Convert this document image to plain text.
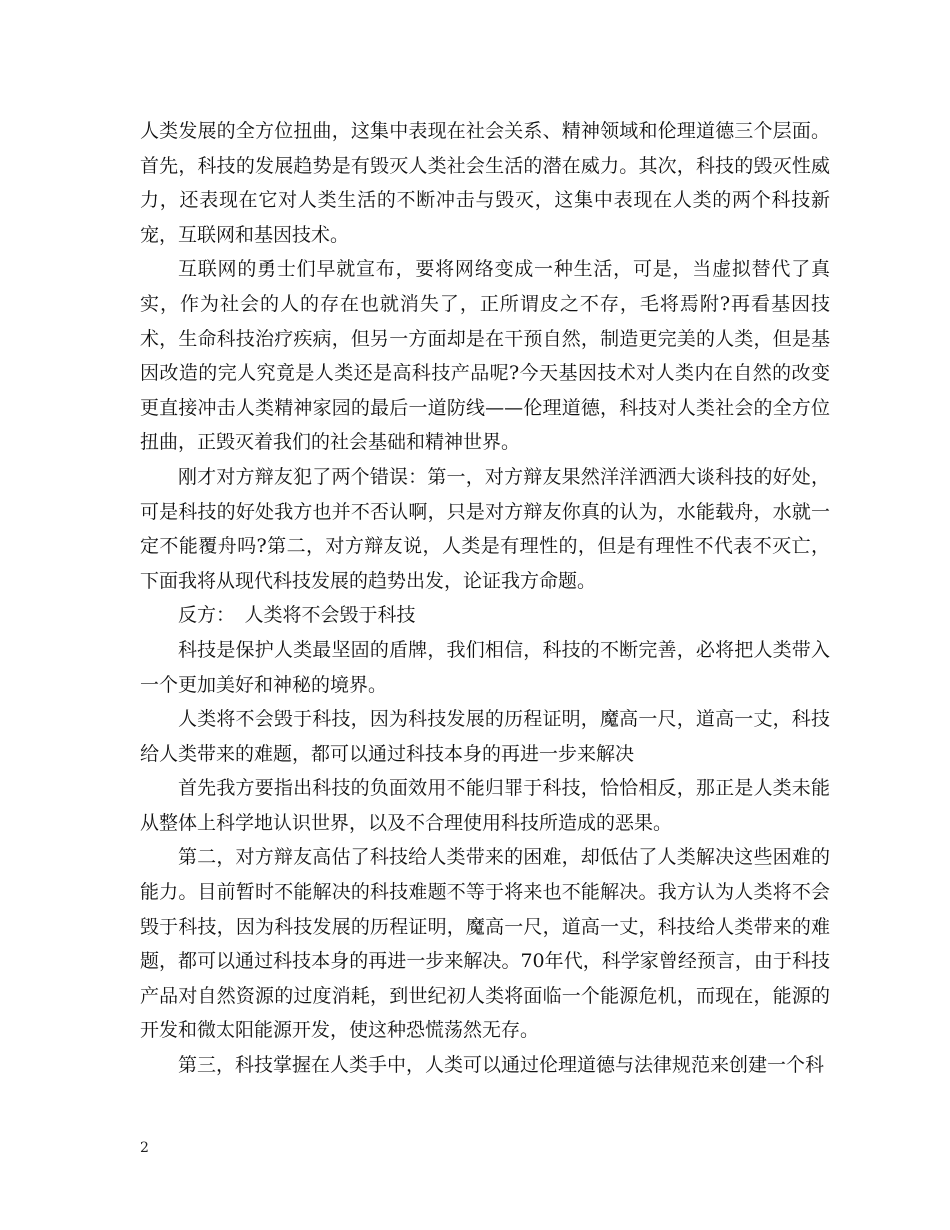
人类发展的全方位扭曲，这集中表现在社会关系、精神领域和伦理道德三个层面。首先，科技的发展趋势是有毁灭人类社会生活的潜在威力。其次，科技的毁灭性威力，还表现在它对人类生活的不断冲击与毁灭，这集中表现在人类的两个科技新宠，互联网和基因技术。

互联网的勇士们早就宣布，要将网络变成一种生活，可是，当虚拟替代了真实，作为社会的人的存在也就消失了，正所谓皮之不存，毛将焉附?再看基因技术，生命科技治疗疾病，但另一方面却是在干预自然，制造更完美的人类，但是基因改造的完人究竟是人类还是高科技产品呢?今天基因技术对人类内在自然的改变更直接冲击人类精神家园的最后一道防线——伦理道德，科技对人类社会的全方位扭曲，正毁灭着我们的社会基础和精神世界。

刚才对方辩友犯了两个错误：第一，对方辩友果然洋洋洒洒大谈科技的好处，可是科技的好处我方也并不否认啊，只是对方辩友你真的认为，水能载舟，水就一定不能覆舟吗?第二，对方辩友说，人类是有理性的，但是有理性不代表不灭亡，下面我将从现代科技发展的趋势出发，论证我方命题。

反方：　人类将不会毁于科技

科技是保护人类最坚固的盾牌，我们相信，科技的不断完善，必将把人类带入一个更加美好和神秘的境界。

人类将不会毁于科技，因为科技发展的历程证明，魔高一尺，道高一丈，科技给人类带来的难题，都可以通过科技本身的再进一步来解决

首先我方要指出科技的负面效用不能归罪于科技，恰恰相反，那正是人类未能从整体上科学地认识世界，以及不合理使用科技所造成的恶果。

第二，对方辩友高估了科技给人类带来的困难，却低估了人类解决这些困难的能力。目前暂时不能解决的科技难题不等于将来也不能解决。我方认为人类将不会毁于科技，因为科技发展的历程证明，魔高一尺，道高一丈，科技给人类带来的难题，都可以通过科技本身的再进一步来解决。70年代，科学家曾经预言，由于科技产品对自然资源的过度消耗，到世纪初人类将面临一个能源危机，而现在，能源的开发和微太阳能源开发，使这种恐慌荡然无存。

第三，科技掌握在人类手中，人类可以通过伦理道德与法律规范来创建一个科

2
